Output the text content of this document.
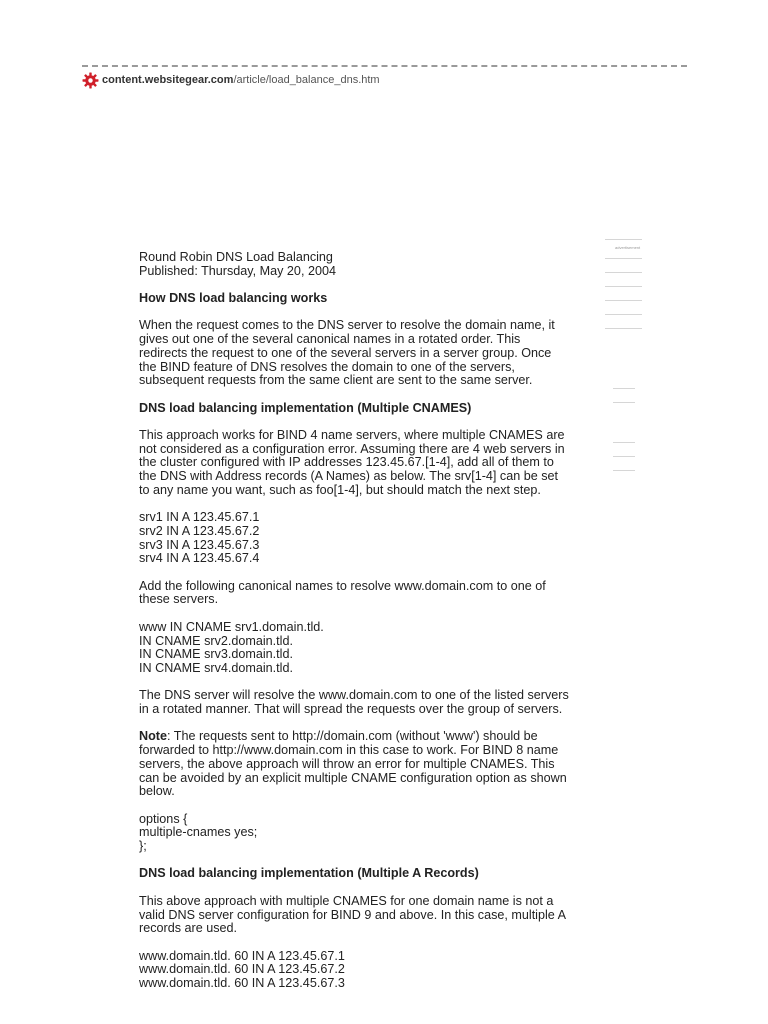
content.websitegear.com /article/load_balance_dns.htm
advertisement

Round Robin DNS Load Balancing
Published: Thursday, May 20, 2004

How DNS load balancing works

When the request comes to the DNS server to resolve the domain name, it gives out one of the several canonical names in a rotated order. This redirects the request to one of the several servers in a server group. Once the BIND feature of DNS resolves the domain to one of the servers, subsequent requests from the same client are sent to the same server.

DNS load balancing implementation (Multiple CNAMES)

This approach works for BIND 4 name servers, where multiple CNAMES are not considered as a configuration error. Assuming there are 4 web servers in the cluster configured with IP addresses 123.45.67.[1-4], add all of them to the DNS with Address records (A Names) as below. The srv[1-4] can be set to any name you want, such as foo[1-4], but should match the next step.

srv1 IN A 123.45.67.1
srv2 IN A 123.45.67.2
srv3 IN A 123.45.67.3
srv4 IN A 123.45.67.4

Add the following canonical names to resolve www.domain.com to one of these servers.

www IN CNAME srv1.domain.tld.
IN CNAME srv2.domain.tld.
IN CNAME srv3.domain.tld.
IN CNAME srv4.domain.tld.

The DNS server will resolve the www.domain.com to one of the listed servers in a rotated manner. That will spread the requests over the group of servers.

Note: The requests sent to http://domain.com (without 'www') should be forwarded to http://www.domain.com in this case to work. For BIND 8 name servers, the above approach will throw an error for multiple CNAMES. This can be avoided by an explicit multiple CNAME configuration option as shown below.

options {
multiple-cnames yes;
};

DNS load balancing implementation (Multiple A Records)

This above approach with multiple CNAMES for one domain name is not a valid DNS server configuration for BIND 9 and above. In this case, multiple A records are used.

www.domain.tld. 60 IN A 123.45.67.1
www.domain.tld. 60 IN A 123.45.67.2
www.domain.tld. 60 IN A 123.45.67.3
